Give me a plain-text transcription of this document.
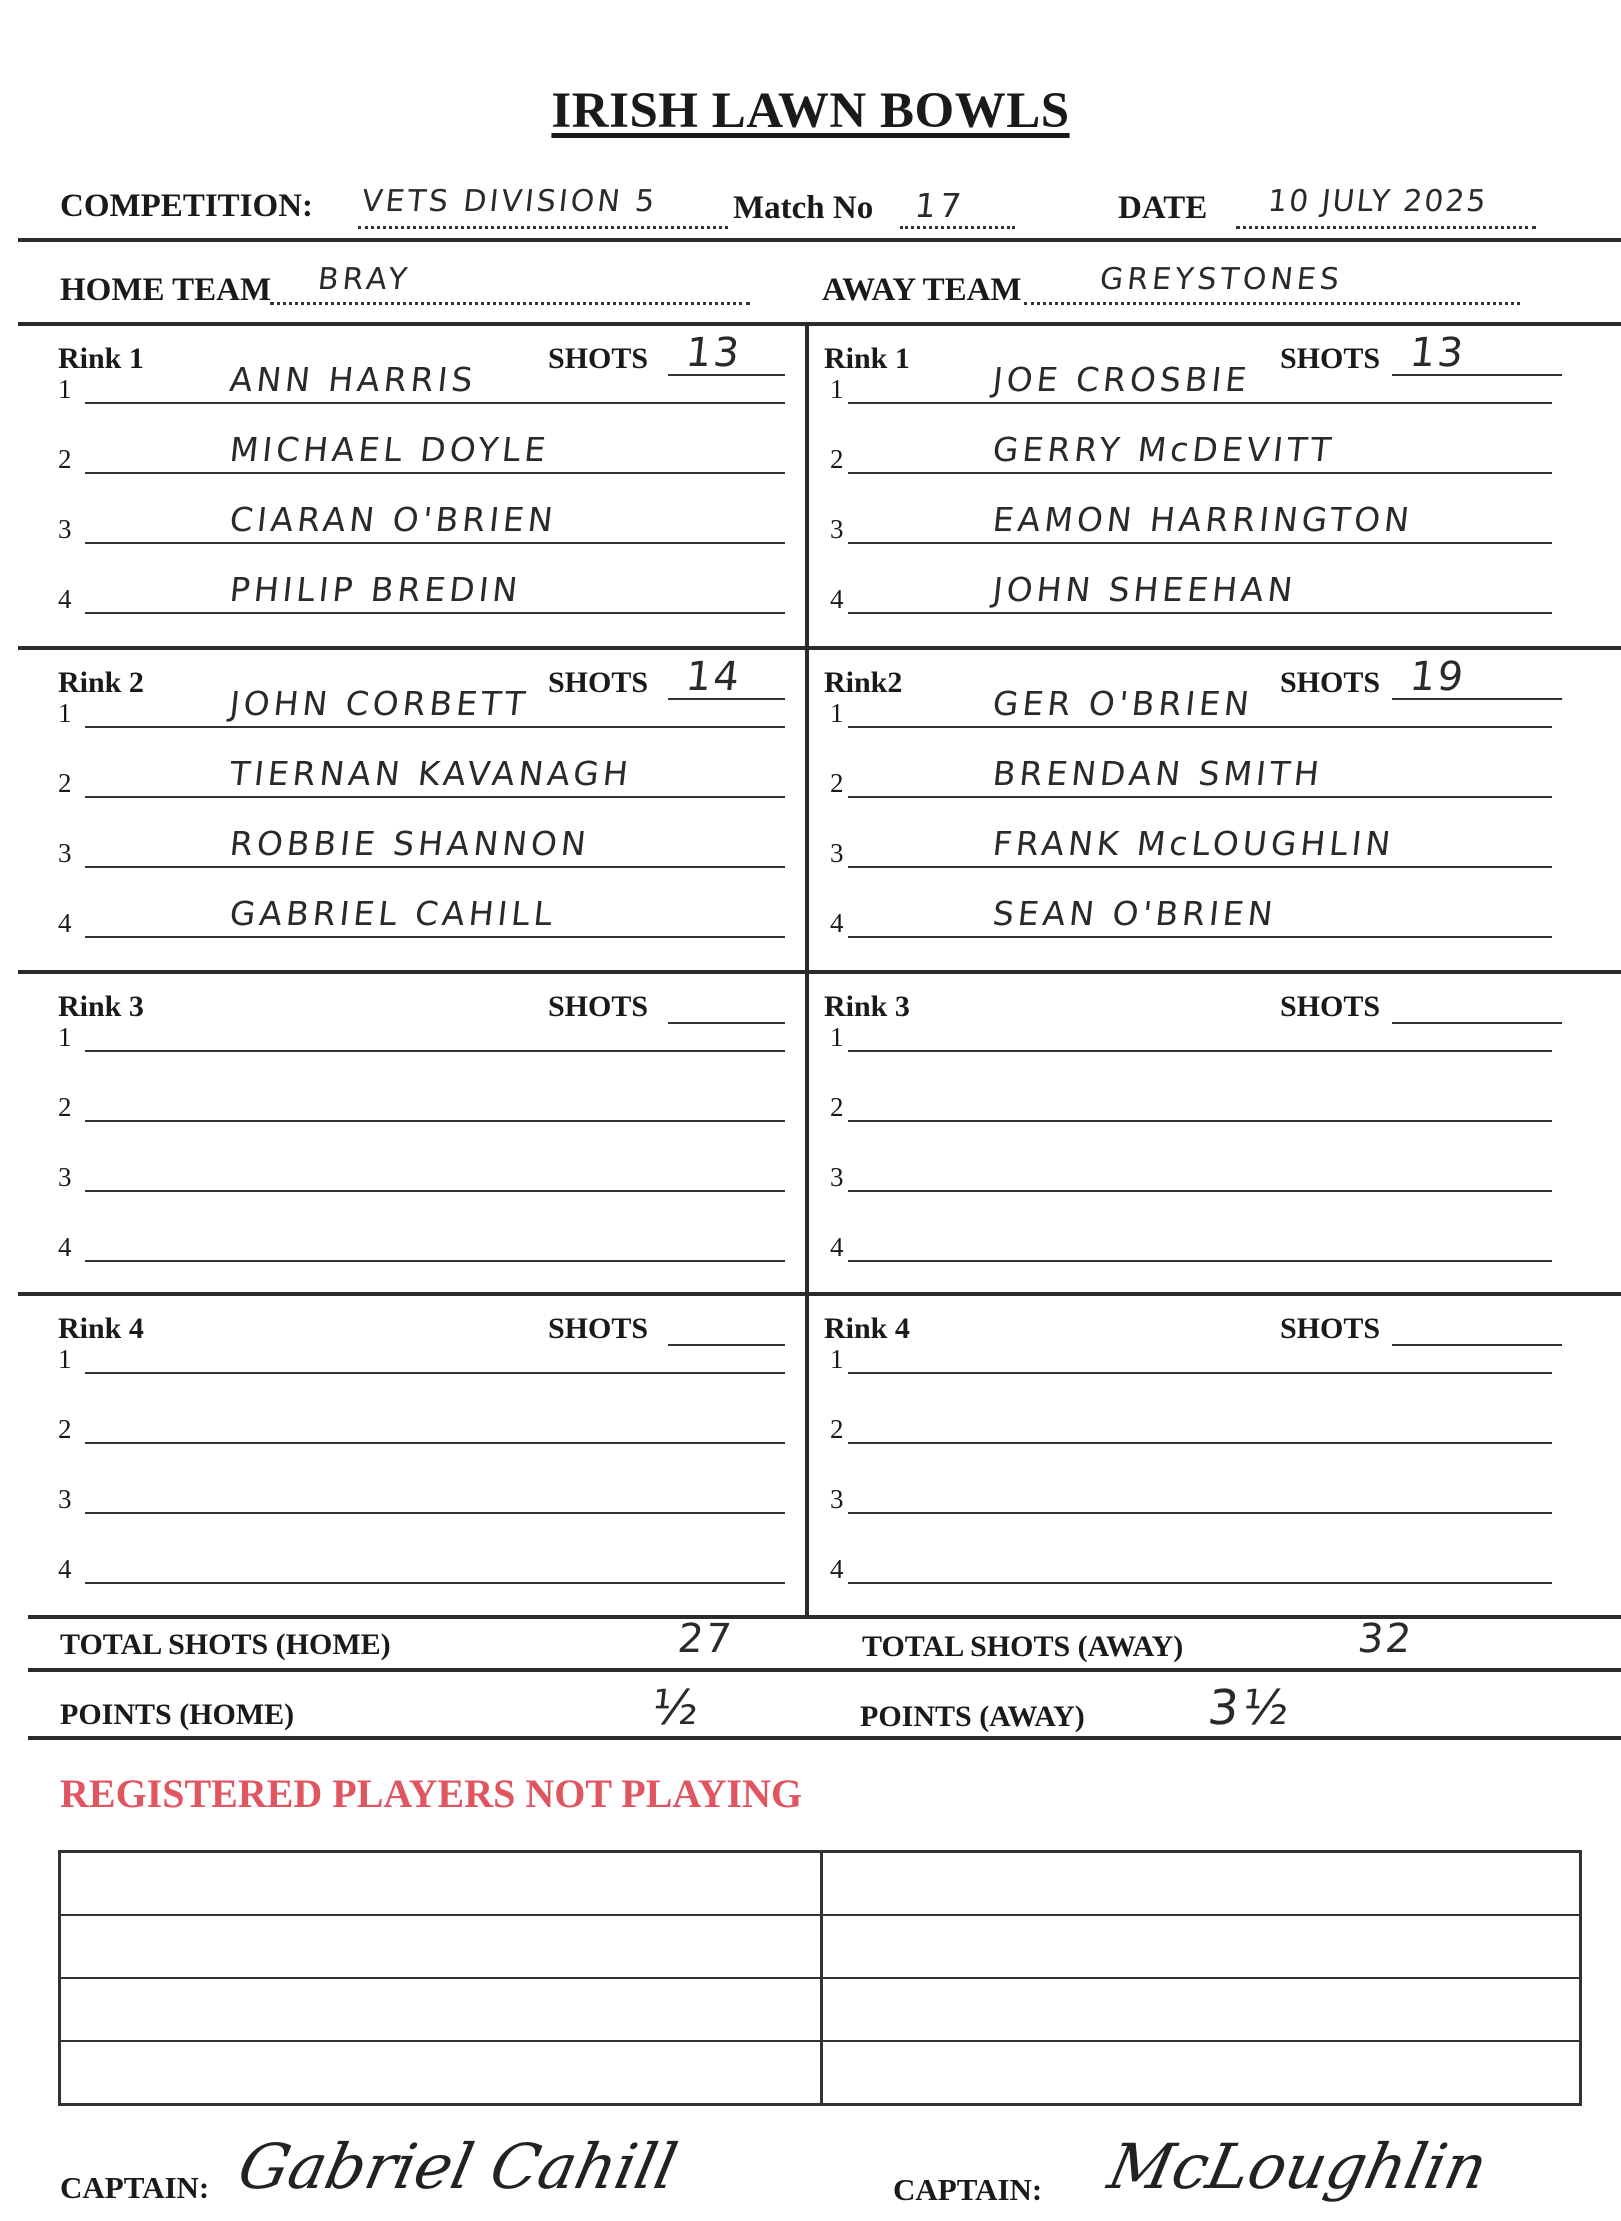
IRISH LAWN BOWLS
COMPETITION: VETS DIVISION 5 Match No 17	DATE 10 JULY 2025
HOME TEAM BRAY	AWAY TEAM	GREYSTONES
Rink 1	SHOTS 13
1	ANN HARRIS
2	MICHAEL DOYLE
3	CIARAN O'BRIEN
4	PHILIP BREDIN
Rink 2	SHOTS 14
1	JOHN CORBETT
2	TIERNAN KAVANAGH
3	ROBBIE SHANNON
4	GABRIEL CAHILL
Rink 3	SHOTS
1
2
3
4
Rink 4	SHOTS
1
2
3
4
Rink 1	SHOTS 13
1	JOE CROSBIE
2	GERRY McDEVITT
3	EAMON HARRINGTON
4	JOHN SHEEHAN
Rink2	SHOTS 19
1	GER O'BRIEN
2	BRENDAN SMITH
3	FRANK McLOUGHLIN
4	SEAN O'BRIEN
Rink 3	SHOTS
1
2
3
4
Rink 4	SHOTS
1
2
3
4
TOTAL SHOTS (HOME)	27	TOTAL SHOTS (AWAY)	32
POINTS (HOME)	½	POINTS (AWAY)	3½
REGISTERED PLAYERS NOT PLAYING
CAPTAIN: Gabriel Cahill	CAPTAIN: McLoughlin
